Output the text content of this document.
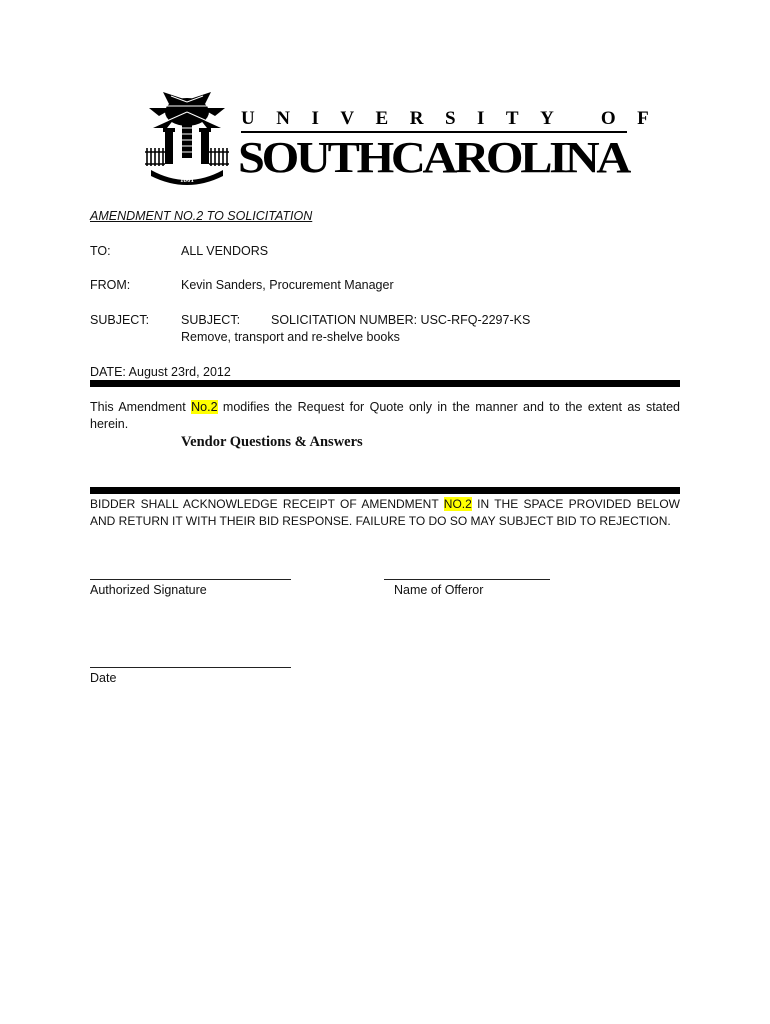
1801
UNIVERSITY OF
SOUTHCAROLINA
AMENDMENT NO.2 TO SOLICITATION
TO:	ALL VENDORS
FROM:	Kevin Sanders, Procurement Manager
SUBJECT:	SUBJECT: SOLICITATION NUMBER: USC-RFQ-2297-KS
Remove, transport and re-shelve books
DATE: August 23rd, 2012
This Amendment No.2 modifies the Request for Quote only in the manner and to the extent as stated herein.
Vendor Questions & Answers
BIDDER SHALL ACKNOWLEDGE RECEIPT OF AMENDMENT NO.2 IN THE SPACE PROVIDED BELOW AND RETURN IT WITH THEIR BID RESPONSE. FAILURE TO DO SO MAY SUBJECT BID TO REJECTION.
Authorized Signature	Name of Offeror
Date
